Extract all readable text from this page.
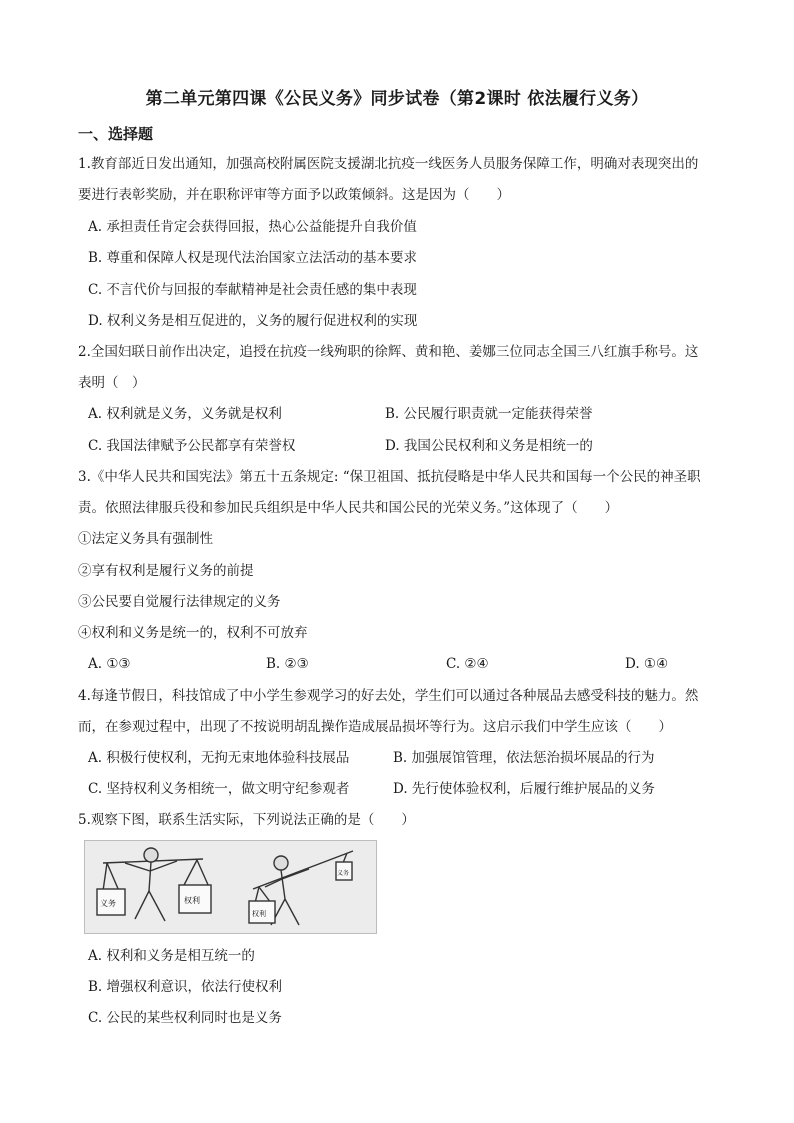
第二单元第四课《公民义务》同步试卷（第2课时 依法履行义务）
一、选择题
1.教育部近日发出通知，加强高校附属医院支援湖北抗疫一线医务人员服务保障工作，明确对表现突出的
要进行表彰奖励，并在职称评审等方面予以政策倾斜。这是因为（　　）
A. 承担责任肯定会获得回报，热心公益能提升自我价值
B. 尊重和保障人权是现代法治国家立法活动的基本要求
C. 不言代价与回报的奉献精神是社会责任感的集中表现
D. 权利义务是相互促进的，义务的履行促进权利的实现
2.全国妇联日前作出决定，追授在抗疫一线殉职的徐辉、黄和艳、姜娜三位同志全国三八红旗手称号。这
表明（　）
A. 权利就是义务，义务就是权利	B. 公民履行职责就一定能获得荣誉
C. 我国法律赋予公民都享有荣誉权	D. 我国公民权利和义务是相统一的
3.《中华人民共和国宪法》第五十五条规定: “保卫祖国、抵抗侵略是中华人民共和国每一个公民的神圣职
责。依照法律服兵役和参加民兵组织是中华人民共和国公民的光荣义务。”这体现了（　　）
①法定义务具有强制性
②享有权利是履行义务的前提
③公民要自觉履行法律规定的义务
④权利和义务是统一的，权利不可放弃
A. ①③	B. ②③	C. ②④	D. ①④
4.每逢节假日，科技馆成了中小学生参观学习的好去处，学生们可以通过各种展品去感受科技的魅力。然
而，在参观过程中，出现了不按说明胡乱操作造成展品损坏等行为。这启示我们中学生应该（　　）
A. 积极行使权利，无拘无束地体验科技展品	B. 加强展馆管理，依法惩治损坏展品的行为
C. 坚持权利义务相统一，做文明守纪参观者	D. 先行使体验权利，后履行维护展品的义务
5.观察下图，联系生活实际，下列说法正确的是（　　）
义务	权利
义务
权利
A. 权利和义务是相互统一的
B. 增强权利意识，依法行使权利
C. 公民的某些权利同时也是义务
